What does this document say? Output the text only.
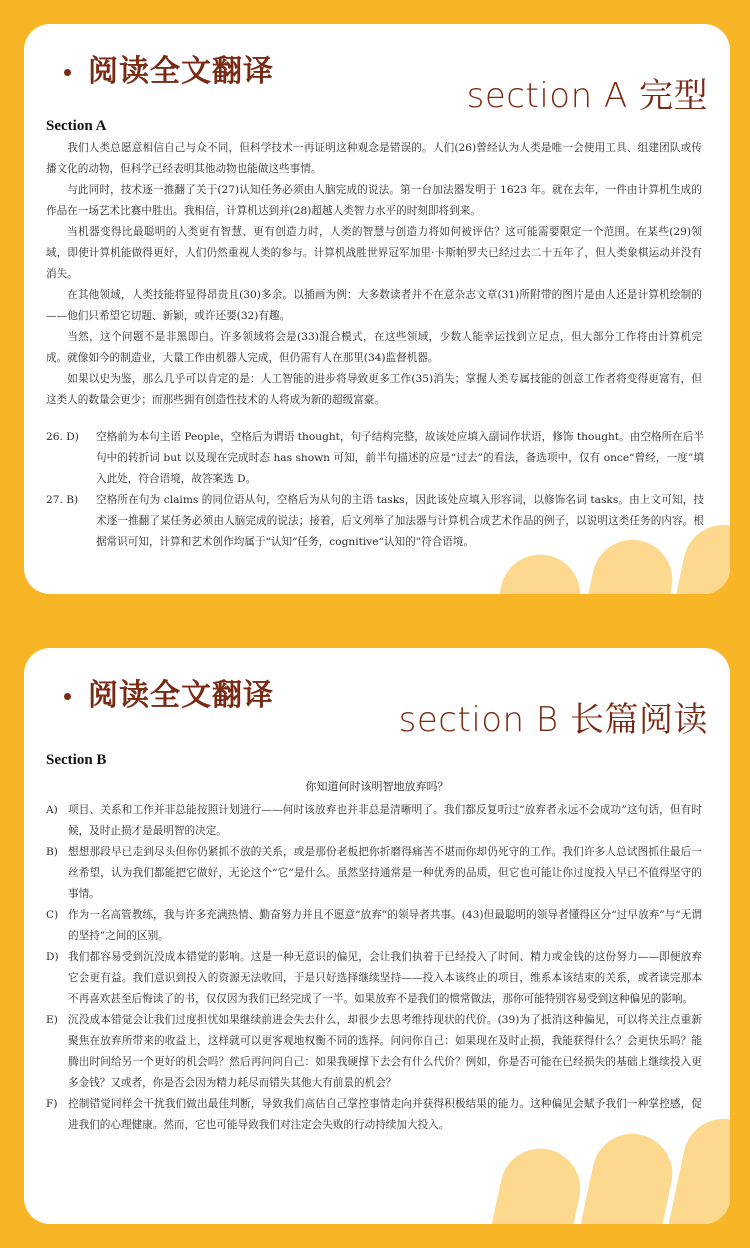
阅读全文翻译
section A 完型
Section A

我们人类总愿意相信自己与众不同，但科学技术一再证明这种观念是错误的。人们(26)曾经认为人类是唯一会使用工具、组建团队或传播文化的动物，但科学已经表明其他动物也能做这些事情。

与此同时，技术逐一推翻了关于(27)认知任务必须由人脑完成的说法。第一台加法器发明于 1623 年。就在去年，一件由计算机生成的作品在一场艺术比赛中胜出。我相信，计算机达到并(28)超越人类智力水平的时刻即将到来。

当机器变得比最聪明的人类更有智慧、更有创造力时，人类的智慧与创造力将如何被评估？这可能需要限定一个范围。在某些(29)领域，即使计算机能做得更好，人们仍然重视人类的参与。计算机战胜世界冠军加里·卡斯帕罗夫已经过去二十五年了，但人类象棋运动并没有消失。

在其他领域，人类技能将显得昂贵且(30)多余。以插画为例：大多数读者并不在意杂志文章(31)所附带的图片是由人还是计算机绘制的——他们只希望它切题、新颖，或许还要(32)有趣。

当然，这个问题不是非黑即白。许多领域将会是(33)混合模式，在这些领域，少数人能幸运找到立足点，但大部分工作将由计算机完成。就像如今的制造业，大量工作由机器人完成，但仍需有人在那里(34)监督机器。

如果以史为鉴，那么几乎可以肯定的是：人工智能的进步将导致更多工作(35)消失；掌握人类专属技能的创意工作者将变得更富有，但这类人的数量会更少；而那些拥有创造性技术的人将成为新的超级富豪。

26. D)	空格前为本句主语 People，空格后为谓语 thought，句子结构完整，故该处应填入副词作状语，修饰 thought。由空格所在后半句中的转折词 but 以及现在完成时态 has shown 可知，前半句描述的应是“过去”的看法，备选项中，仅有 once“曾经，一度”填入此处，符合语境，故答案选 D。
27. B)	空格所在句为 claims 的同位语从句，空格后为从句的主语 tasks，因此该处应填入形容词，以修饰名词 tasks。由上文可知，技术逐一推翻了某任务必须由人脑完成的说法；接着，后文列举了加法器与计算机合成艺术作品的例子，以说明这类任务的内容。根据常识可知，计算和艺术创作均属于“认知”任务，cognitive“认知的”符合语境。
阅读全文翻译
section B 长篇阅读
Section B
你知道何时该明智地放弃吗？
A) 项目、关系和工作并非总能按照计划进行——何时该放弃也并非总是清晰明了。我们都反复听过“放弃者永远不会成功”这句话，但有时候，及时止损才是最明智的决定。
B) 想想那段早已走到尽头但你仍紧抓不放的关系，或是那份老板把你折磨得痛苦不堪而你却仍死守的工作。我们许多人总试图抓住最后一丝希望，认为我们都能把它做好，无论这个“它”是什么。虽然坚持通常是一种优秀的品质，但它也可能让你过度投入早已不值得坚守的事情。
C) 作为一名高管教练，我与许多充满热情、勤奋努力并且不愿意“放弃”的领导者共事。(43)但最聪明的领导者懂得区分“过早放弃”与“无谓的坚持”之间的区别。
D) 我们都容易受到沉没成本错觉的影响。这是一种无意识的偏见，会让我们执着于已经投入了时间、精力或金钱的这份努力——即便放弃它会更有益。我们意识到投入的资源无法收回，于是只好选择继续坚持——投入本该终止的项目，维系本该结束的关系，或者读完那本不再喜欢甚至后悔读了的书，仅仅因为我们已经完成了一半。如果放弃不是我们的惯常做法，那你可能特别容易受到这种偏见的影响。
E) 沉没成本错觉会让我们过度担忧如果继续前进会失去什么，却很少去思考维持现状的代价。(39)为了抵消这种偏见，可以将关注点重新聚焦在放弃所带来的收益上，这样就可以更客观地权衡不同的选择。问问你自己：如果现在及时止损，我能获得什么？会更快乐吗？能腾出时间给另一个更好的机会吗？然后再问问自己：如果我硬撑下去会有什么代价？例如，你是否可能在已经损失的基础上继续投入更多金钱？又或者，你是否会因为精力耗尽而错失其他大有前景的机会？
F) 控制错觉同样会干扰我们做出最佳判断，导致我们高估自己掌控事情走向并获得积极结果的能力。这种偏见会赋予我们一种掌控感，促进我们的心理健康。然而，它也可能导致我们对注定会失败的行动持续加大投入。
